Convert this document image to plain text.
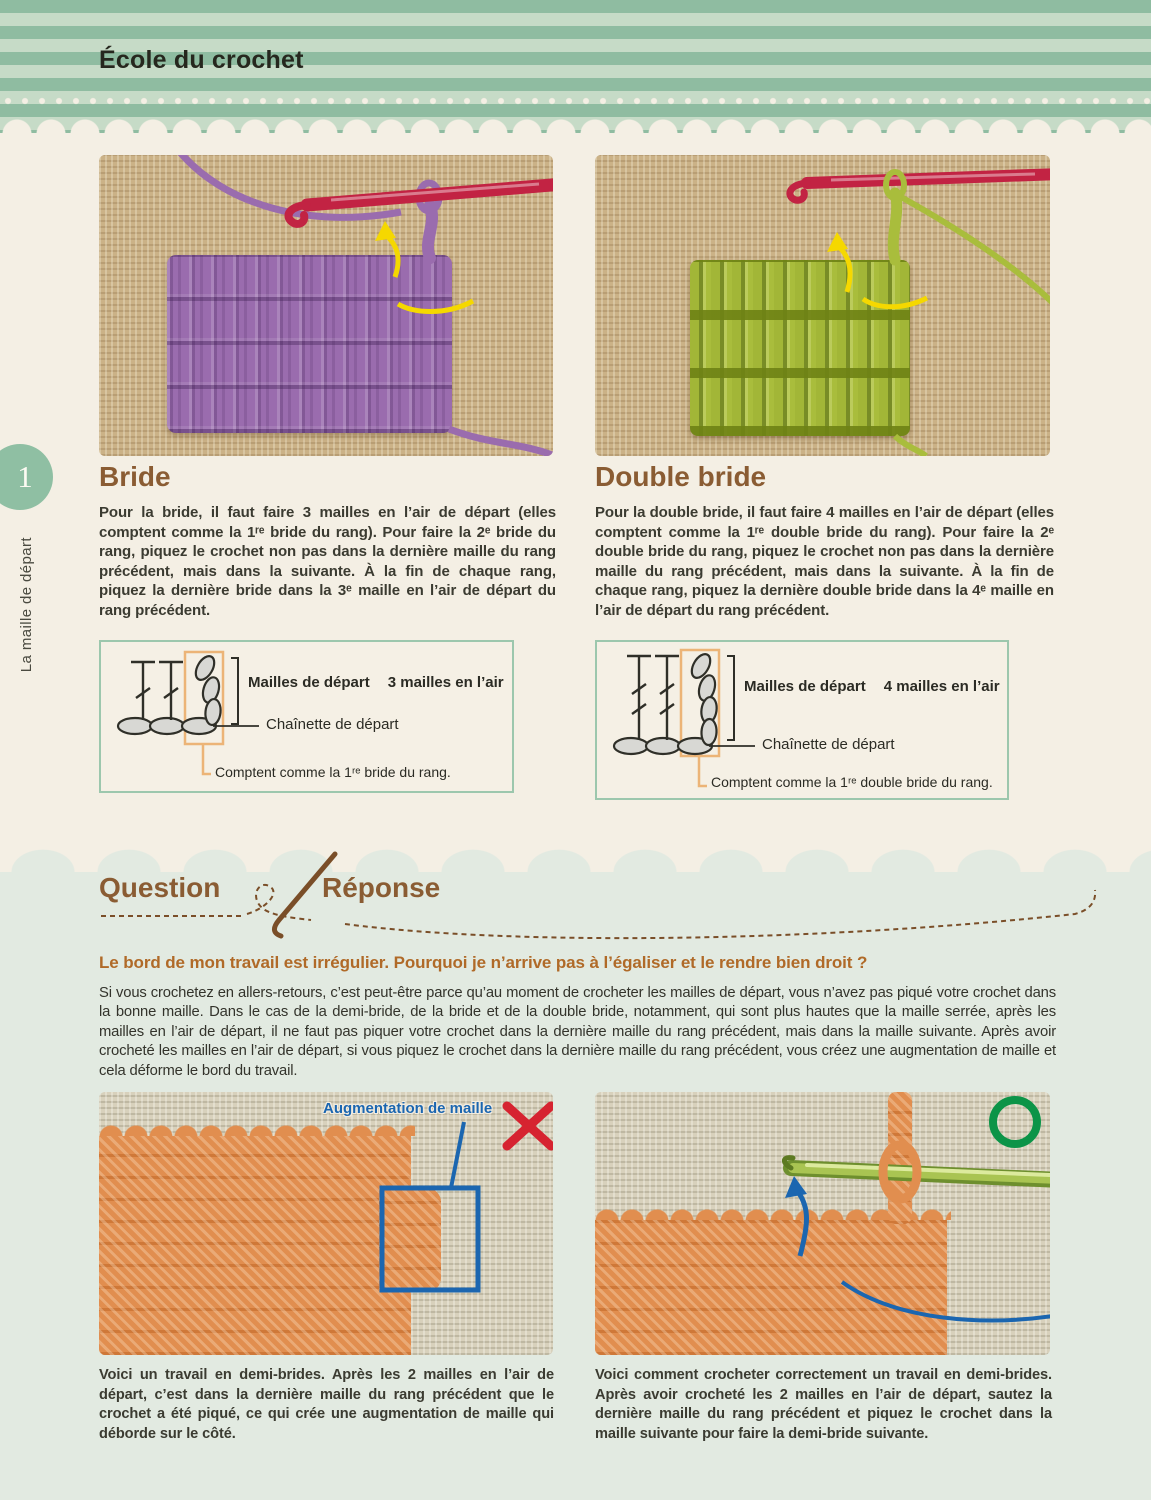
École du crochet
1
La maille de départ
Bride
Pour la bride, il faut faire 3 mailles en l’air de départ (elles comptent comme la 1ʳᵉ bride du rang). Pour faire la 2ᵉ bride du rang, piquez le crochet non pas dans la dernière maille du rang précédent, mais dans la suivante. À la fin de chaque rang, piquez la dernière bride dans la 3ᵉ maille en l’air de départ du rang précédent.
Double bride
Pour la double bride, il faut faire 4 mailles en l’air de départ (elles comptent comme la 1ʳᵉ double bride du rang). Pour faire la 2ᵉ double bride du rang, piquez le crochet non pas dans la dernière maille du rang précédent, mais dans la suivante. À la fin de chaque rang, piquez la dernière double bride dans la 4ᵉ maille en l’air de départ du rang précédent.
Mailles de départ 3 mailles en l’air
Chaînette de départ
Comptent comme la 1ʳᵉ bride du rang.
Mailles de départ 4 mailles en l’air
Chaînette de départ
Comptent comme la 1ʳᵉ double bride du rang.
Question	Réponse
Le bord de mon travail est irrégulier. Pourquoi je n’arrive pas à l’égaliser et le rendre bien droit ?
Si vous crochetez en allers-retours, c’est peut-être parce qu’au moment de crocheter les mailles de départ, vous n’avez pas piqué votre crochet dans la bonne maille. Dans le cas de la demi-bride, de la bride et de la double bride, notamment, qui sont plus hautes que la maille serrée, après les mailles en l’air de départ, il ne faut pas piquer votre crochet dans la dernière maille du rang précédent, mais dans la maille suivante. Après avoir crocheté les mailles en l’air de départ, si vous piquez le crochet dans la dernière maille du rang précédent, vous créez une augmentation de maille et cela déforme le bord du travail.
Augmentation de maille
Voici un travail en demi-brides. Après les 2 mailles en l’air de départ, c’est dans la dernière maille du rang précédent que le crochet a été piqué, ce qui crée une augmentation de maille qui déborde sur le côté.
Voici comment crocheter correctement un travail en demi-brides. Après avoir crocheté les 2 mailles en l’air de départ, sautez la dernière maille du rang précédent et piquez le crochet dans la maille suivante pour faire la demi-bride suivante.
